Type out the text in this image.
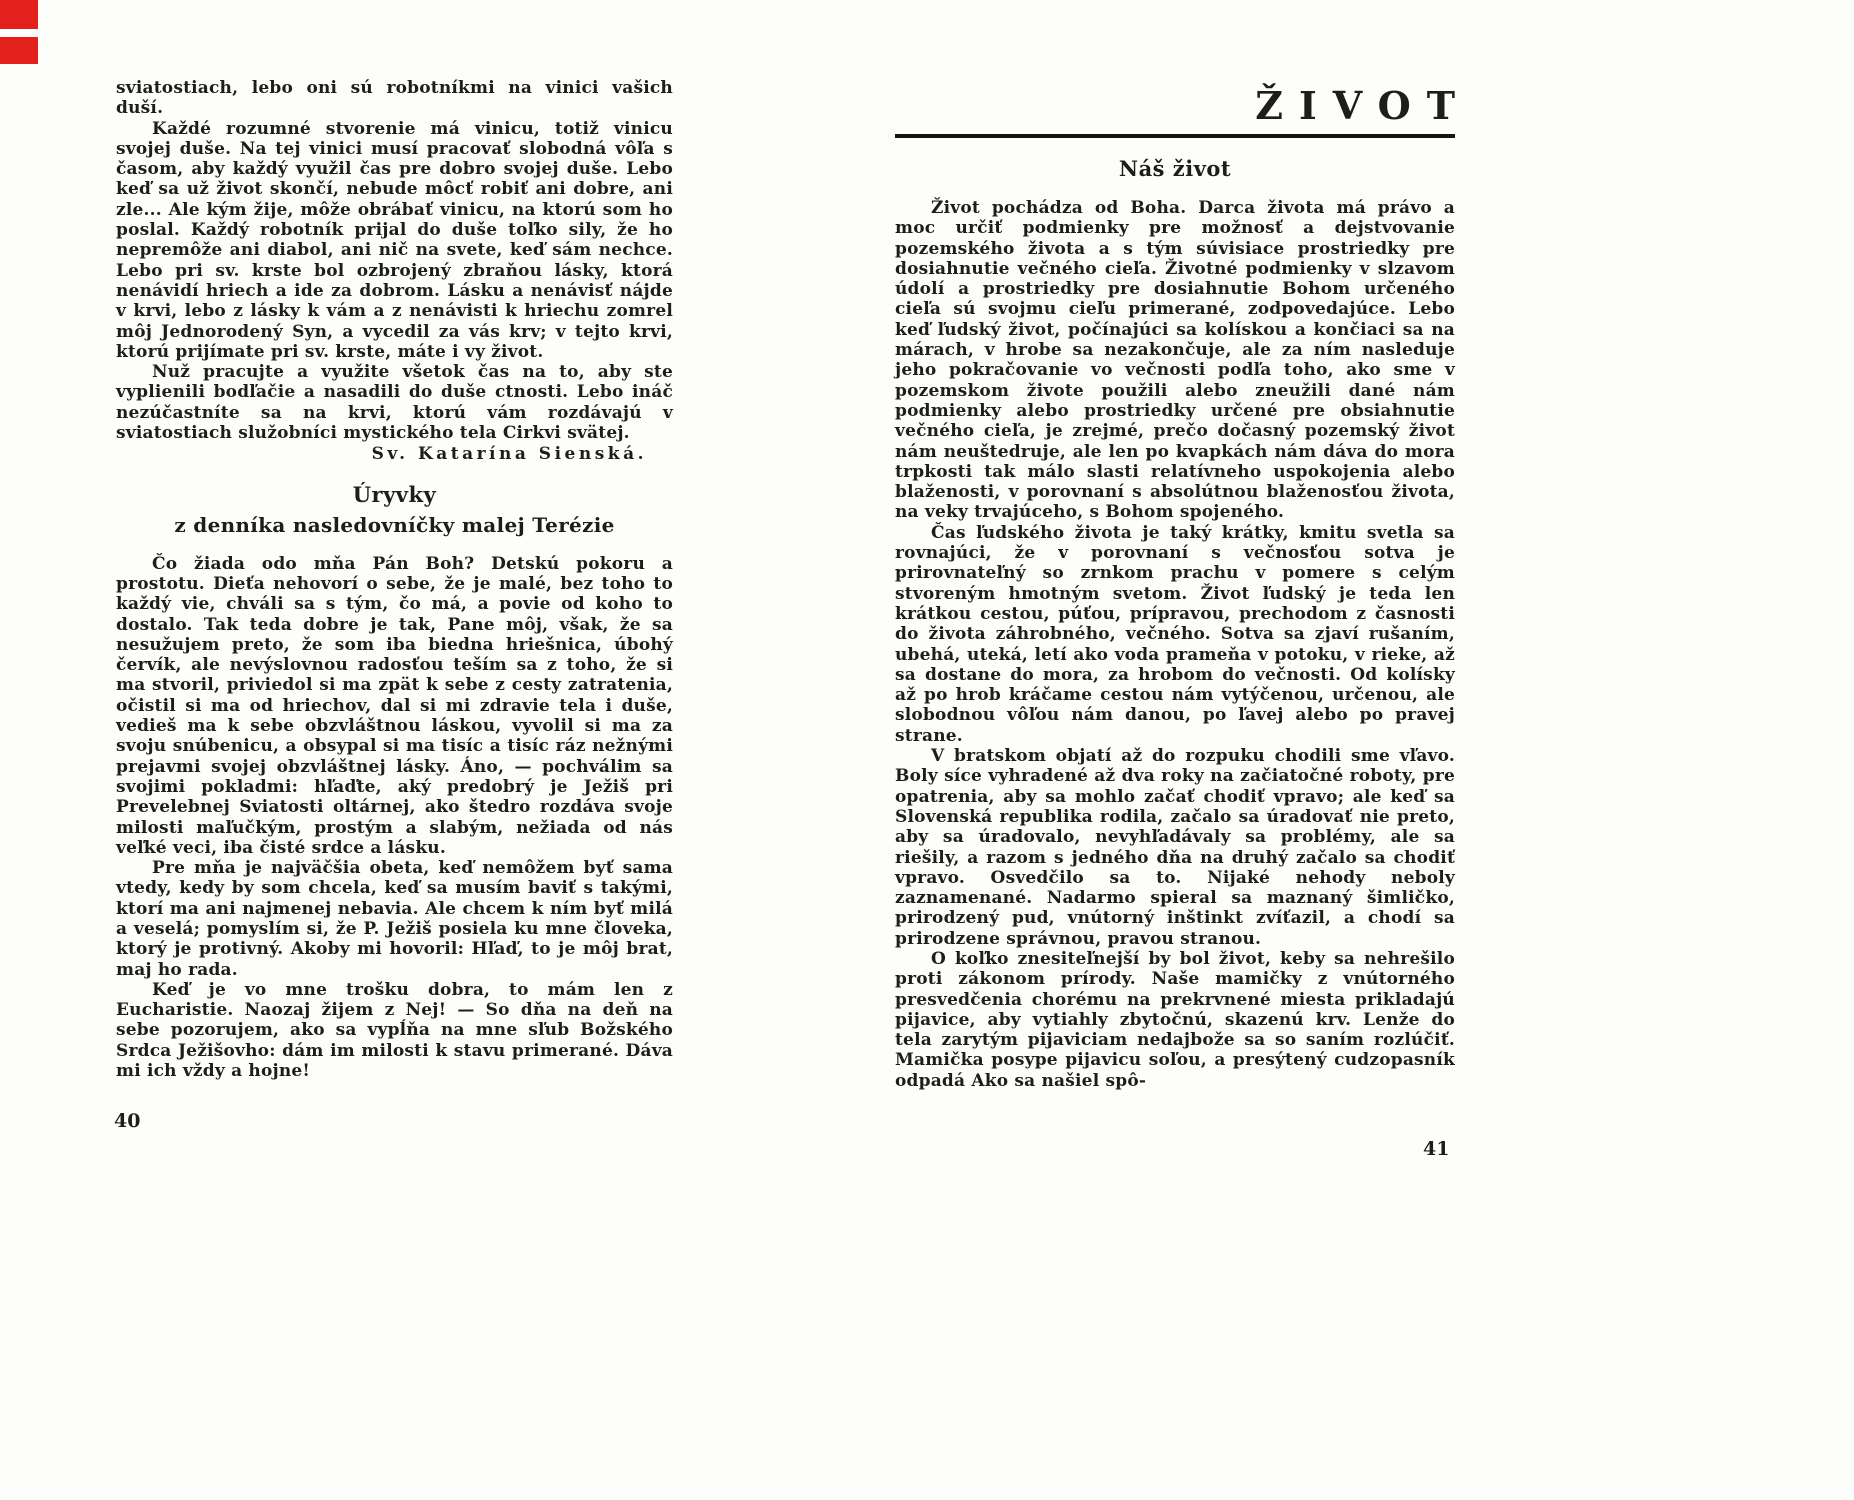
sviatostiach, lebo oni sú robotníkmi na vinici vašich duší.

Každé rozumné stvorenie má vinicu, totiž vinicu svojej duše. Na tej vinici musí pracovať slobodná vôľa s časom, aby každý využil čas pre dobro svojej duše. Lebo keď sa už život skončí, nebude môcť robiť ani dobre, ani zle... Ale kým žije, môže obrábať vinicu, na ktorú som ho poslal. Každý robotník prijal do duše toľko sily, že ho nepremôže ani diabol, ani nič na svete, keď sám nechce. Lebo pri sv. krste bol ozbrojený zbraňou lásky, ktorá nenávidí hriech a ide za dobrom. Lásku a nenávisť nájde v krvi, lebo z lásky k vám a z nenávisti k hriechu zomrel môj Jednorodený Syn, a vycedil za vás krv; v tejto krvi, ktorú prijímate pri sv. krste, máte i vy život.

Nuž pracujte a využite všetok čas na to, aby ste vyplienili bodľačie a nasadili do duše ctnosti. Lebo ináč nezúčastníte sa na krvi, ktorú vám rozdávajú v sviatostiach služobníci mystického tela Cirkvi svätej.

Sv. Katarína Sienská.
Úryvky
z denníka nasledovníčky malej Terézie

Čo žiada odo mňa Pán Boh? Detskú pokoru a prostotu. Dieťa nehovorí o sebe, že je malé, bez toho to každý vie, chváli sa s tým, čo má, a povie od koho to dostalo. Tak teda dobre je tak, Pane môj, však, že sa nesužujem preto, že som iba biedna hriešnica, úbohý červík, ale nevýslovnou radosťou teším sa z toho, že si ma stvoril, priviedol si ma zpät k sebe z cesty zatratenia, očistil si ma od hriechov, dal si mi zdravie tela i duše, vedieš ma k sebe obzvláštnou láskou, vyvolil si ma za svoju snúbenicu, a obsypal si ma tisíc a tisíc ráz nežnými prejavmi svojej obzvláštnej lásky. Áno, — pochválim sa svojimi pokladmi: hľaďte, aký predobrý je Ježiš pri Prevelebnej Sviatosti oltárnej, ako štedro rozdáva svoje milosti maľučkým, prostým a slabým, nežiada od nás veľké veci, iba čisté srdce a lásku.

Pre mňa je najväčšia obeta, keď nemôžem byť sama vtedy, kedy by som chcela, keď sa musím baviť s takými, ktorí ma ani najmenej nebavia. Ale chcem k ním byť milá a veselá; pomyslím si, že P. Ježiš posiela ku mne človeka, ktorý je protivný. Akoby mi hovoril: Hľaď, to je môj brat, maj ho rada.

Keď je vo mne trošku dobra, to mám len z Eucharistie. Naozaj žijem z Nej! — So dňa na deň na sebe pozorujem, ako sa vypĺňa na mne sľub Božského Srdca Ježišovho: dám im milosti k stavu primerané. Dáva mi ich vždy a hojne!

ŽIVOT
Náš život

Život pochádza od Boha. Darca života má právo a moc určiť podmienky pre možnosť a dejstvovanie pozemského života a s tým súvisiace prostriedky pre dosiahnutie večného cieľa. Životné podmienky v slzavom údolí a prostriedky pre dosiahnutie Bohom určeného cieľa sú svojmu cieľu primerané, zodpovedajúce. Lebo keď ľudský život, počínajúci sa kolískou a končiaci sa na márach, v hrobe sa nezakončuje, ale za ním nasleduje jeho pokračovanie vo večnosti podľa toho, ako sme v pozemskom živote použili alebo zneužili dané nám podmienky alebo prostriedky určené pre obsiahnutie večného cieľa, je zrejmé, prečo dočasný pozemský život nám neuštedruje, ale len po kvapkách nám dáva do mora trpkosti tak málo slasti relatívneho uspokojenia alebo blaženosti, v porovnaní s absolútnou blaženosťou života, na veky trvajúceho, s Bohom spojeného.

Čas ľudského života je taký krátky, kmitu svetla sa rovnajúci, že v porovnaní s večnosťou sotva je prirovnateľný so zrnkom prachu v pomere s celým stvoreným hmotným svetom. Život ľudský je teda len krátkou cestou, púťou, prípravou, prechodom z časnosti do života záhrobného, večného. Sotva sa zjaví rušaním, ubehá, uteká, letí ako voda prameňa v potoku, v rieke, až sa dostane do mora, za hrobom do večnosti. Od kolísky až po hrob kráčame cestou nám vytýčenou, určenou, ale slobodnou vôľou nám danou, po ľavej alebo po pravej strane.

V bratskom objatí až do rozpuku chodili sme vľavo. Boly síce vyhradené až dva roky na začiatočné roboty, pre opatrenia, aby sa mohlo začať chodiť vpravo; ale keď sa Slovenská republika rodila, začalo sa úradovať nie preto, aby sa úradovalo, nevyhľadávaly sa problémy, ale sa riešily, a razom s jedného dňa na druhý začalo sa chodiť vpravo. Osvedčilo sa to. Nijaké nehody neboly zaznamenané. Nadarmo spieral sa maznaný šimličko, prirodzený pud, vnútorný inštinkt zvíťazil, a chodí sa prirodzene správnou, pravou stranou.

O koľko znesiteľnejší by bol život, keby sa nehrešilo proti zákonom prírody. Naše mamičky z vnútorného presvedčenia chorému na prekrvnené miesta prikladajú pijavice, aby vytiahly zbytočnú, skazenú krv. Lenže do tela zarytým pijaviciam nedajbože sa so saním rozlúčiť. Mamička posype pijavicu soľou, a presýtený cudzopasník odpadá Ako sa našiel spô-

40
41
